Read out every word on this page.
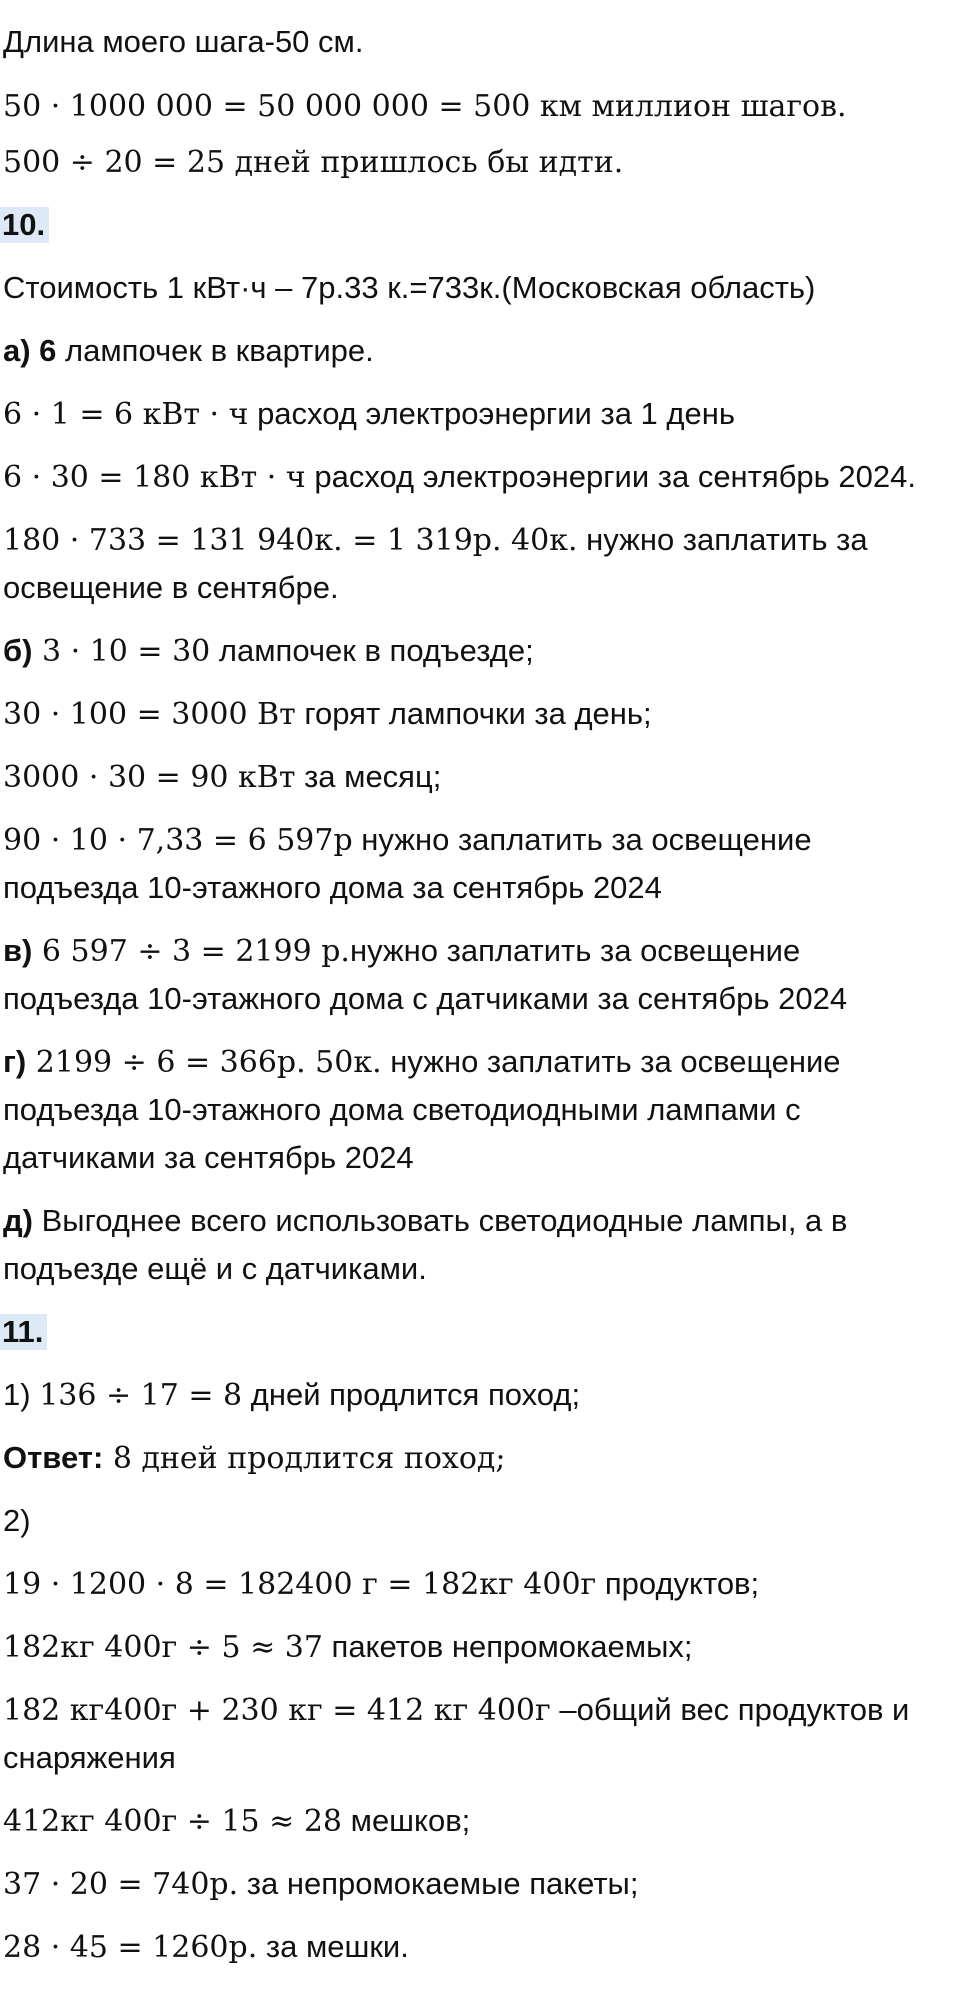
Длина моего шага-50 см.
50 · 1000 000 = 50 000 000 = 500 км миллион шагов.
500 ÷ 20 = 25 дней пришлось бы идти.
10.
Стоимость 1 кВт·ч – 7р.33 к.=733к.(Московская область)
а) 6 лампочек в квартире.
6 · 1 = 6 кВт · ч расход электроэнергии за 1 день
6 · 30 = 180 кВт · ч расход электроэнергии за сентябрь 2024.
180 · 733 = 131 940к. = 1 319р. 40к. нужно заплатить за
освещение в сентябре.
б) 3 · 10 = 30 лампочек в подъезде;
30 · 100 = 3000 Вт горят лампочки за день;
3000 · 30 = 90 кВт за месяц;
90 · 10 · 7,33 = 6 597р нужно заплатить за освещение
подъезда 10-этажного дома за сентябрь 2024
в) 6 597 ÷ 3 = 2199 р.нужно заплатить за освещение
подъезда 10-этажного дома с датчиками за сентябрь 2024
г) 2199 ÷ 6 = 366р. 50к. нужно заплатить за освещение
подъезда 10-этажного дома светодиодными лампами с
датчиками за сентябрь 2024
д) Выгоднее всего использовать светодиодные лампы, а в
подъезде ещё и с датчиками.
11.
1) 136 ÷ 17 = 8 дней продлится поход;
Ответ: 8 дней продлится поход;
2)
19 · 1200 · 8 = 182400 г = 182кг 400г продуктов;
182кг 400г ÷ 5 ≈ 37 пакетов непромокаемых;
182 кг400г + 230 кг = 412 кг 400г –общий вес продуктов и
снаряжения
412кг 400г ÷ 15 ≈ 28 мешков;
37 · 20 = 740р. за непромокаемые пакеты;
28 · 45 = 1260р. за мешки.
